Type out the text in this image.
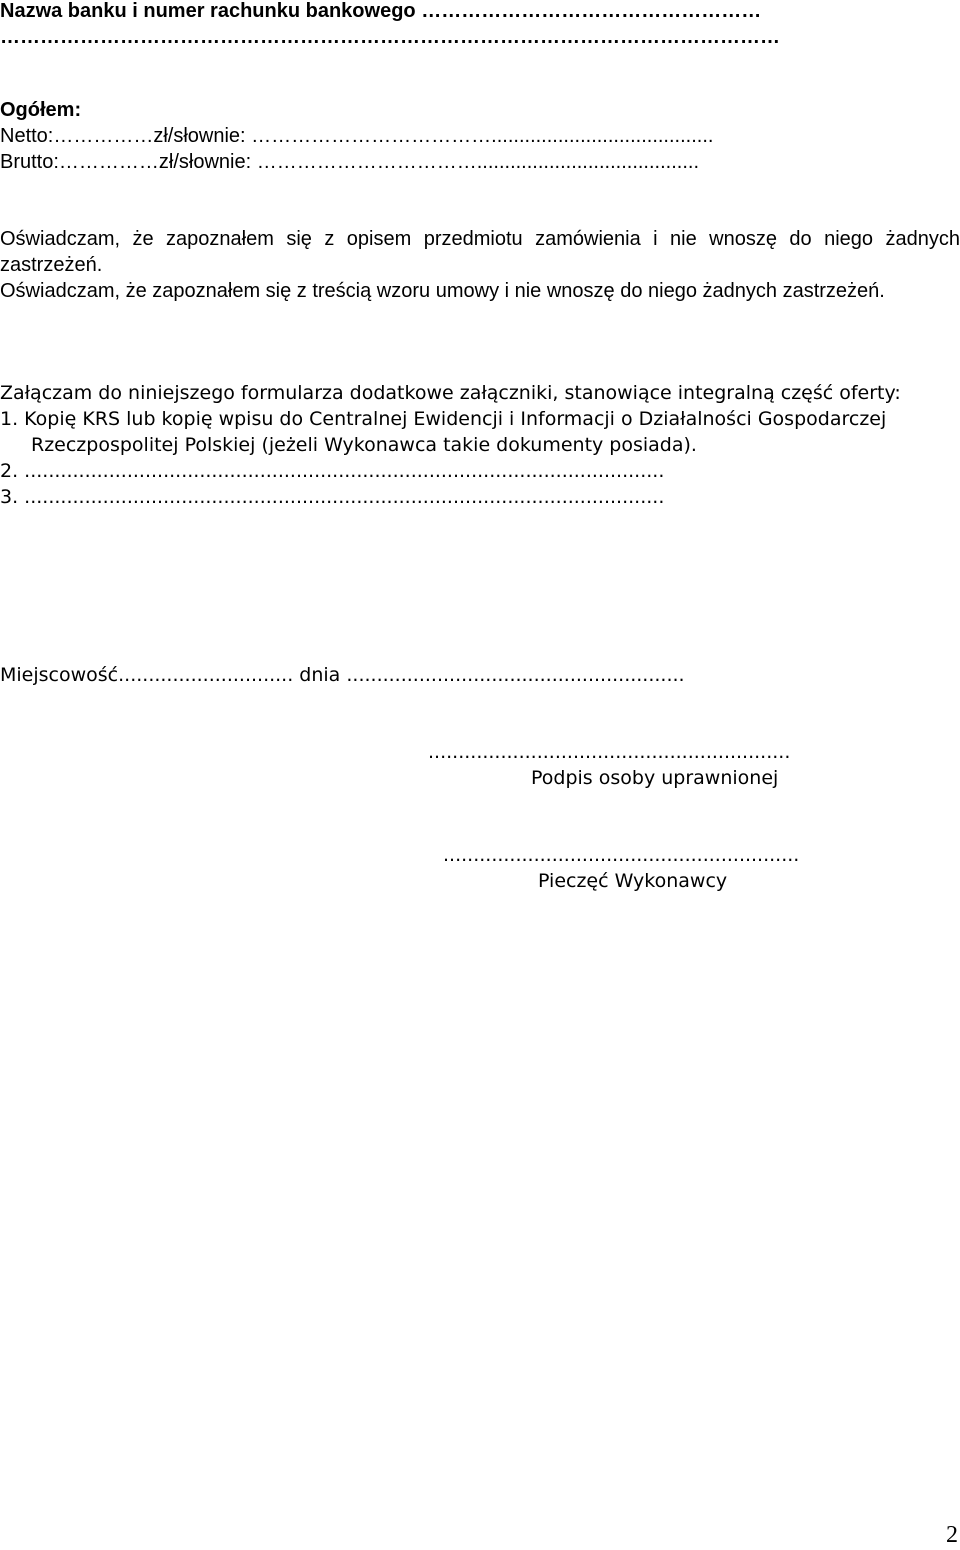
Nazwa banku i numer rachunku bankowego ……………………………………………
………………………………………………………………………………………………………
Ogółem:
Netto:……………zł/słownie: ………………………………........................................
Brutto:……………zł/słownie: ……………………………........................................
Oświadczam, że zapoznałem się z opisem przedmiotu zamówienia i nie wnoszę do niego żadnych
zastrzeżeń.
Oświadczam, że zapoznałem się z treścią wzoru umowy i nie wnoszę do niego żadnych zastrzeżeń.
Załączam do niniejszego formularza dodatkowe załączniki, stanowiące integralną część oferty:
1. Kopię KRS lub kopię wpisu do Centralnej Ewidencji i Informacji o Działalności Gospodarczej
Rzeczpospolitej Polskiej (jeżeli Wykonawca takie dokumenty posiada).
2. ..........................................................................................................
3. ..........................................................................................................
Miejscowość............................. dnia ........................................................
............................................................
Podpis osoby uprawnionej
...........................................................
Pieczęć Wykonawcy
2
